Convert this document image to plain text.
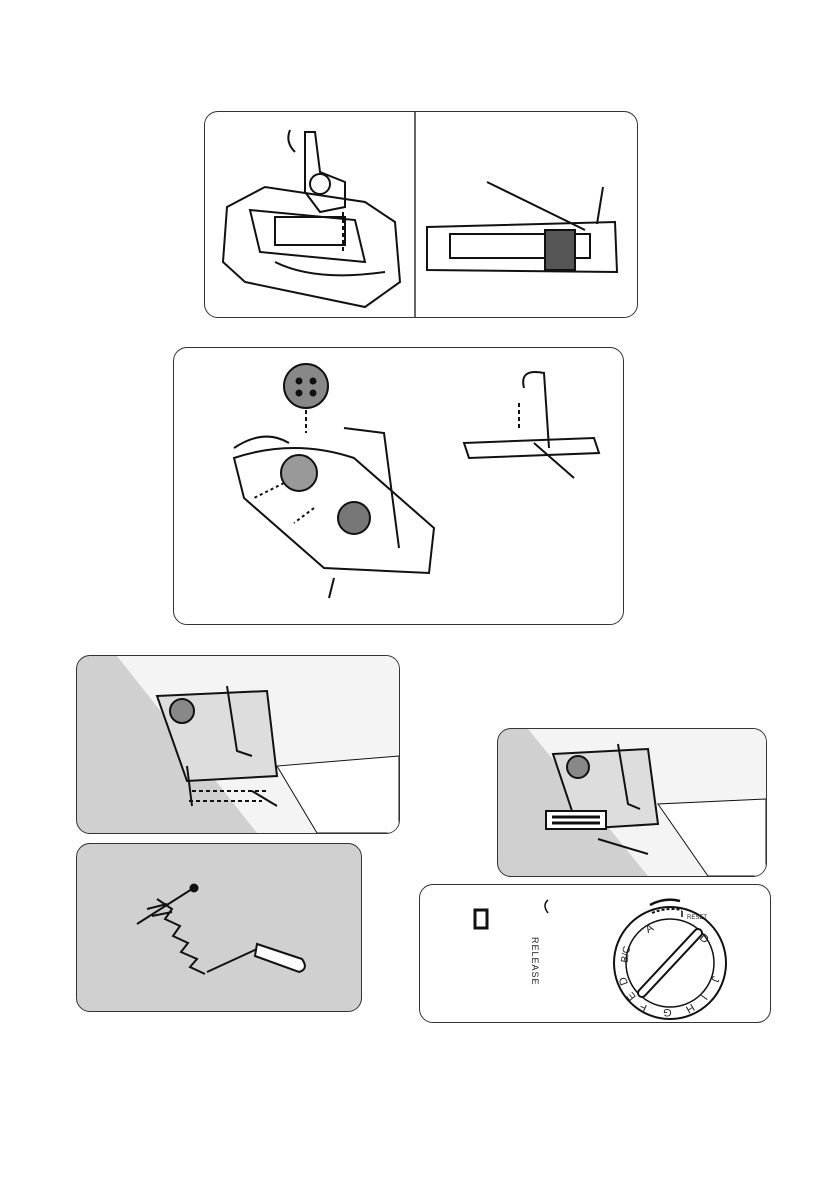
RELEASE
RESET
A
B/C
D
E
F G H
I
J
D
